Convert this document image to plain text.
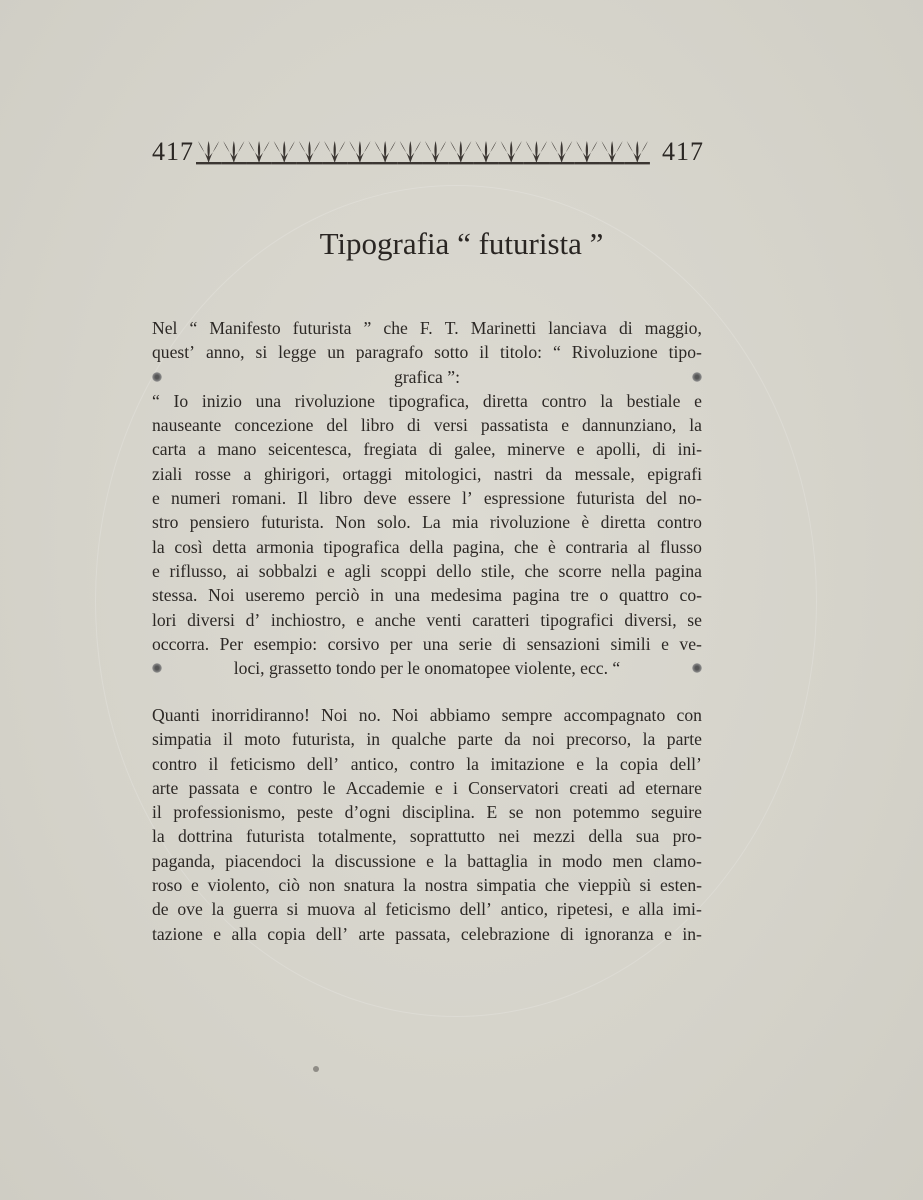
417	417
Tipografia “ futurista ”
Nel “ Manifesto futurista ” che F. T. Marinetti lanciava di maggio,
quest’ anno, si legge un paragrafo sotto il titolo: “ Rivoluzione tipo-
grafica ”:
“ Io inizio una rivoluzione tipografica, diretta contro la bestiale e
nauseante concezione del libro di versi passatista e dannunziano, la
carta a mano seicentesca, fregiata di galee, minerve e apolli, di ini-
ziali rosse a ghirigori, ortaggi mitologici, nastri da messale, epigrafi
e numeri romani. Il libro deve essere l’ espressione futurista del no-
stro pensiero futurista. Non solo. La mia rivoluzione è diretta contro
la così detta armonia tipografica della pagina, che è contraria al flusso
e riflusso, ai sobbalzi e agli scoppi dello stile, che scorre nella pagina
stessa. Noi useremo perciò in una medesima pagina tre o quattro co-
lori diversi d’ inchiostro, e anche venti caratteri tipografici diversi, se
occorra. Per esempio: corsivo per una serie di sensazioni simili e ve-
loci, grassetto tondo per le onomatopee violente, ecc. “
Quanti inorridiranno! Noi no. Noi abbiamo sempre accompagnato con
simpatia il moto futurista, in qualche parte da noi precorso, la parte
contro il feticismo dell’ antico, contro la imitazione e la copia dell’
arte passata e contro le Accademie e i Conservatori creati ad eternare
il professionismo, peste d’ogni disciplina. E se non potemmo seguire
la dottrina futurista totalmente, soprattutto nei mezzi della sua pro-
paganda, piacendoci la discussione e la battaglia in modo men clamo-
roso e violento, ciò non snatura la nostra simpatia che vieppiù si esten-
de ove la guerra si muova al feticismo dell’ antico, ripetesi, e alla imi-
tazione e alla copia dell’ arte passata, celebrazione di ignoranza e in-
